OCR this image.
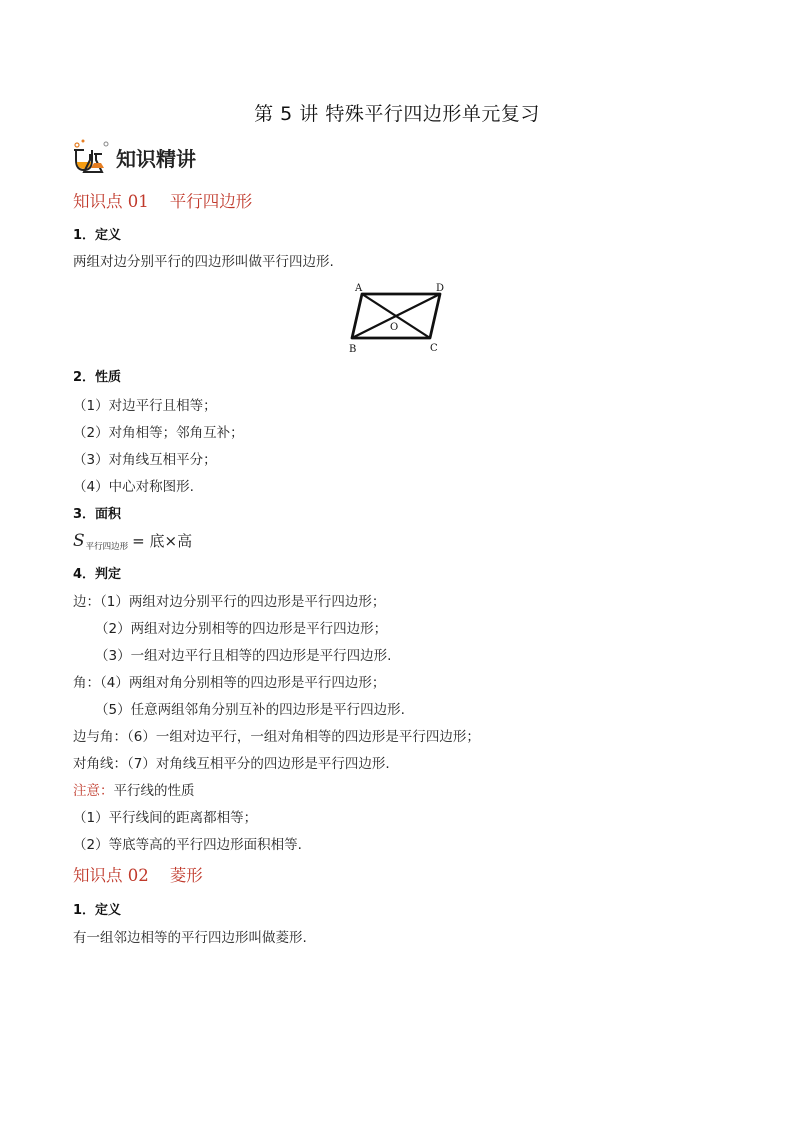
第 5 讲 特殊平行四边形单元复习
知识精讲
知识点 01    平行四边形
1．定义
两组对边分别平行的四边形叫做平行四边形.
A	D
B	C
O
2．性质
（1）对边平行且相等；
（2）对角相等；邻角互补；
（3）对角线互相平分；
（4）中心对称图形.
3．面积
S 平行四边形 = 底×高
4．判定
边：（1）两组对边分别平行的四边形是平行四边形；
（2）两组对边分别相等的四边形是平行四边形；
（3）一组对边平行且相等的四边形是平行四边形.
角：（4）两组对角分别相等的四边形是平行四边形；
（5）任意两组邻角分别互补的四边形是平行四边形.
边与角：（6）一组对边平行，一组对角相等的四边形是平行四边形；
对角线：（7）对角线互相平分的四边形是平行四边形.
注意：平行线的性质
（1）平行线间的距离都相等；
（2）等底等高的平行四边形面积相等.
知识点 02    菱形
1．定义
有一组邻边相等的平行四边形叫做菱形.
